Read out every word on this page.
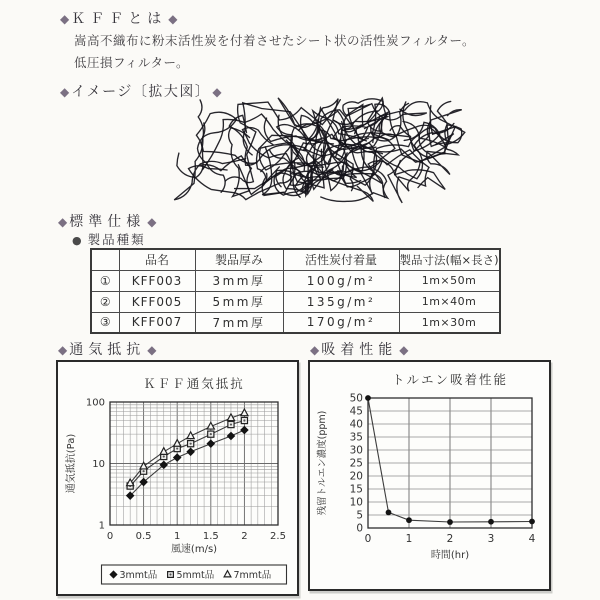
◆ ＫＦＦとは ◆
嵩高不織布に粉末活性炭を付着させたシート状の活性炭フィルター。
低圧損フィルター。
◆ イメージ〔拡大図〕 ◆
◆ 標準仕様 ◆
● 製品種類
	品名	製品厚み	活性炭付着量	製品寸法(幅×長さ)
①	KFF003	3mm厚	100g/m²	1m×50m
②	KFF005	5mm厚	135g/m²	1m×40m
③	KFF007	7mm厚	170g/m²	1m×30m
◆ 通気抵抗 ◆	◆ 吸着性能 ◆
ＫＦＦ通気抵抗
1
10
100
0 0.5 1 1.5 2 2.5
風速(m/s)
通気抵抗(Pa)
3mmt品 5mmt品 7mmt品
トルエン吸着性能
0
5
10
15
20
25
30
35
40
45
50
0	1	2	3	4
時間(hr)
残留トルエン濃度(ppm)
